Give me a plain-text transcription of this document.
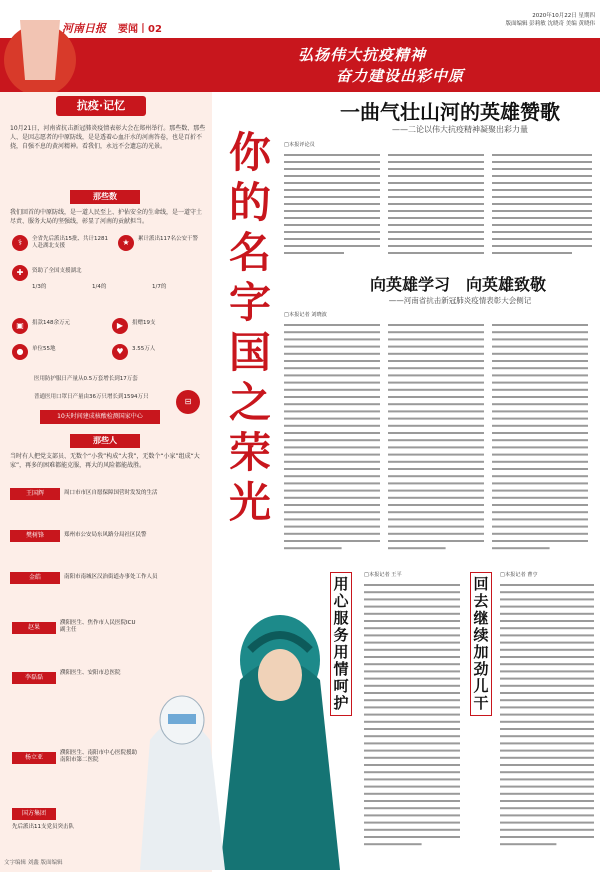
河南日报 要闻丨02
2020年10月22日 星期四
版面编辑 彭莉敏 沈晓奇 美编 黄晓伟
弘扬伟大抗疫精神
奋力建设出彩中原
抗疫·记忆
10月21日，河南省抗击新冠肺炎疫情表彰大会在郑州举行。那些数、那些人、是因志愿者的中原防线，是是透着心血汗水的河南答卷，也是百折不挠，自强不息的黄河精神。看我们，永远不会遗忘的光景。
那些数
我们回首的中原防线，是一道人民至上、护佑安全的生命线，是一道守土尽责、服务大局的坚强线，彰显了河南的贡献担当。
⚕	全省先后派出15批、共计1281人赴湖北支援	★	累计派出117名公安干警
✚	资助了全国支援湖北
1/3的	1/4的	1/7的
▣	捐款148余万元	▶	捐赠19支
●	单位55地	♥	3.55万人
医用防护服日产量从0.5万套增长到17万套
普通医用口罩日产量由36万只增长到1594万只
10天时间建成核酸检测国家中心
⊟
那些人
当时有人把党支部员、无数个“小我”构成“大我”，无数个“小家”组成“大家”，再多的困难都能克服，再大的风险都能战胜。
王国辉	周口市市区自愿保障国营时发发的生活
樊树锋	郑州市公安局东风路分局社区民警
金皓	南阳市南城区汉治街道办事处工作人员
赵果
濮阳医生、焦作市人民医院ICU副主任
李磊磊
濮阳医生、安阳市总医院
杨立亚
濮阳医生、南阳市中心医院援助南阳市第二医院
国方集团
先后派出11支党员突击队
你的名字 国之荣光
一曲气壮山河的英雄赞歌
——二论以伟大抗疫精神凝聚出彩力量
□本报评论员
向英雄学习　向英雄致敬
——河南省抗击新冠肺炎疫情表彰大会侧记
□本报记者 刘晓波
用心服务用情呵护
□本报记者 王平	回去继续加劲儿干
□本报记者 曹亨
文字编辑 刘鑫 版面编辑
